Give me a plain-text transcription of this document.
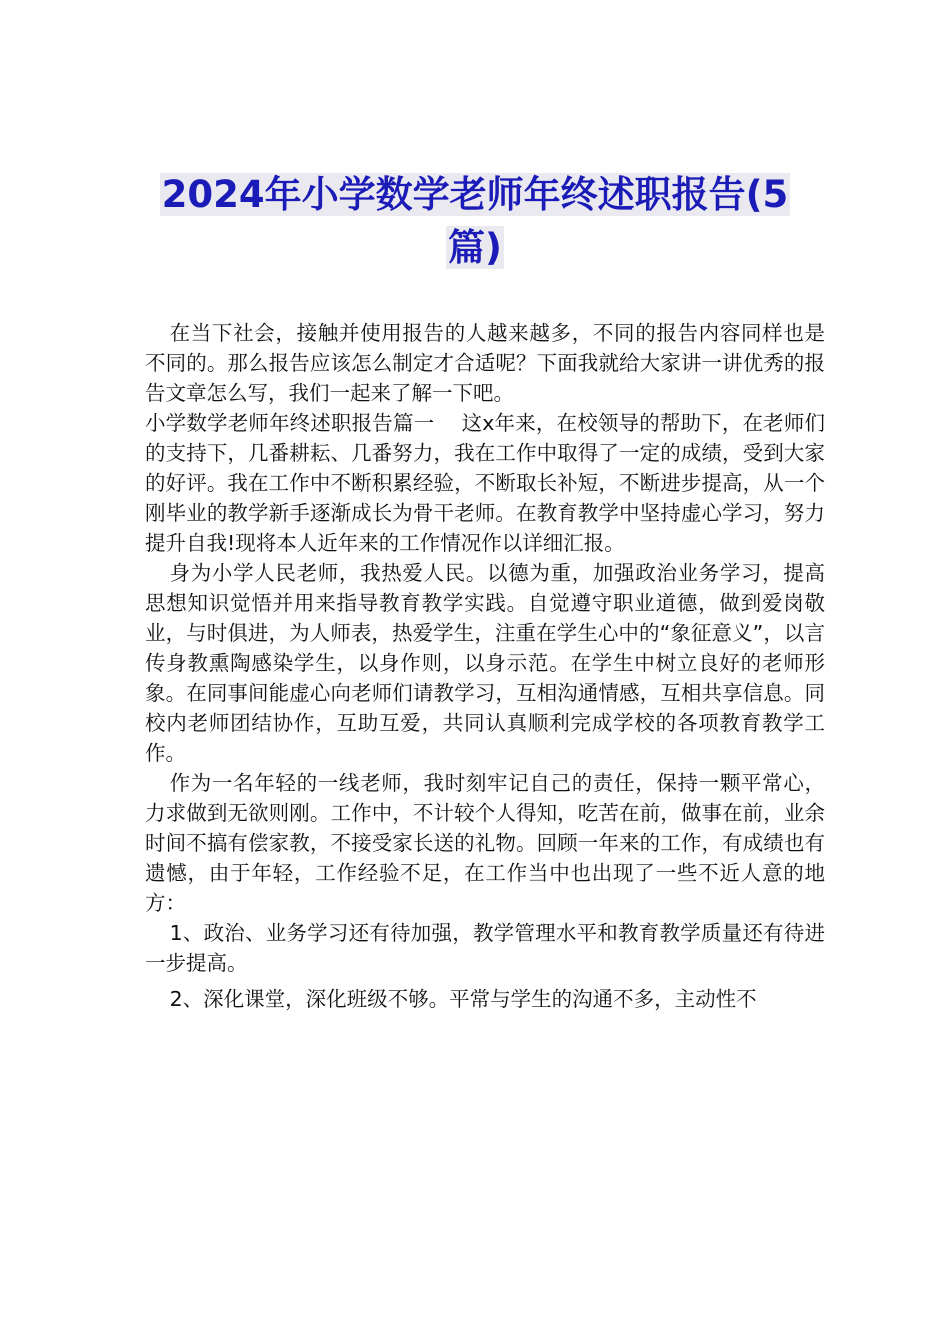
2024年小学数学老师年终述职报告(5
篇)

在当下社会，接触并使用报告的人越来越多，不同的报告内容同样也是不同的。那么报告应该怎么制定才合适呢？下面我就给大家讲一讲优秀的报告文章怎么写，我们一起来了解一下吧。

小学数学老师年终述职报告篇一　 这x年来，在校领导的帮助下，在老师们的支持下，几番耕耘、几番努力，我在工作中取得了一定的成绩，受到大家的好评。我在工作中不断积累经验，不断取长补短，不断进步提高，从一个刚毕业的教学新手逐渐成长为骨干老师。在教育教学中坚持虚心学习，努力提升自我!现将本人近年来的工作情况作以详细汇报。

身为小学人民老师，我热爱人民。以德为重，加强政治业务学习，提高思想知识觉悟并用来指导教育教学实践。自觉遵守职业道德，做到爱岗敬业，与时俱进，为人师表，热爱学生，注重在学生心中的“象征意义”，以言传身教熏陶感染学生，以身作则，以身示范。在学生中树立良好的老师形象。在同事间能虚心向老师们请教学习，互相沟通情感，互相共享信息。同校内老师团结协作，互助互爱，共同认真顺利完成学校的各项教育教学工作。

作为一名年轻的一线老师，我时刻牢记自己的责任，保持一颗平常心，力求做到无欲则刚。工作中，不计较个人得知，吃苦在前，做事在前，业余时间不搞有偿家教，不接受家长送的礼物。回顾一年来的工作，有成绩也有遗憾，由于年轻，工作经验不足，在工作当中也出现了一些不近人意的地方：

1、政治、业务学习还有待加强，教学管理水平和教育教学质量还有待进一步提高。

2、深化课堂，深化班级不够。平常与学生的沟通不多，主动性不
